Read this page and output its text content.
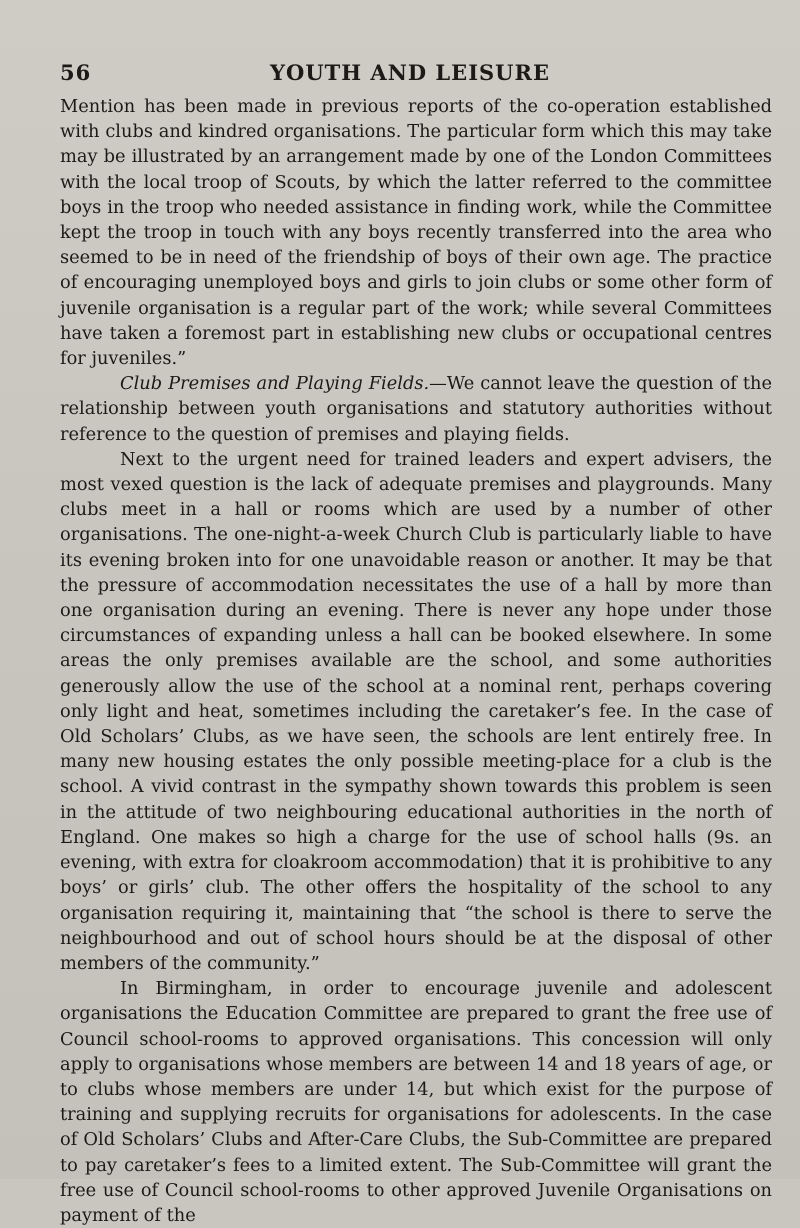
56	YOUTH AND LEISURE

Mention has been made in previous reports of the co-operation established with clubs and kindred organisations. The particular form which this may take may be illustrated by an arrangement made by one of the London Committees with the local troop of Scouts, by which the latter referred to the committee boys in the troop who needed assistance in finding work, while the Committee kept the troop in touch with any boys recently transferred into the area who seemed to be in need of the friendship of boys of their own age. The practice of encouraging unemployed boys and girls to join clubs or some other form of juvenile organisation is a regular part of the work; while several Committees have taken a foremost part in establishing new clubs or occupational centres for juveniles.”

Club Premises and Playing Fields.—We cannot leave the question of the relationship between youth organisations and statutory authorities without reference to the question of premises and playing fields.

Next to the urgent need for trained leaders and expert advisers, the most vexed question is the lack of adequate premises and playgrounds. Many clubs meet in a hall or rooms which are used by a number of other organisations. The one-night-a-week Church Club is particularly liable to have its evening broken into for one unavoidable reason or another. It may be that the pressure of accommodation necessitates the use of a hall by more than one organisation during an evening. There is never any hope under those circumstances of expanding unless a hall can be booked elsewhere. In some areas the only premises available are the school, and some authorities generously allow the use of the school at a nominal rent, perhaps covering only light and heat, sometimes including the caretaker’s fee. In the case of Old Scholars’ Clubs, as we have seen, the schools are lent entirely free. In many new housing estates the only possible meeting-place for a club is the school. A vivid contrast in the sympathy shown towards this problem is seen in the attitude of two neighbouring educational authorities in the north of England. One makes so high a charge for the use of school halls (9s. an evening, with extra for cloakroom accommodation) that it is prohibitive to any boys’ or girls’ club. The other offers the hospitality of the school to any organisation requiring it, maintaining that “the school is there to serve the neighbourhood and out of school hours should be at the disposal of other members of the community.”

In Birmingham, in order to encourage juvenile and adolescent organisations the Education Committee are prepared to grant the free use of Council school-rooms to approved organisations. This concession will only apply to organisations whose members are between 14 and 18 years of age, or to clubs whose members are under 14, but which exist for the purpose of training and supplying recruits for organisations for adolescents. In the case of Old Scholars’ Clubs and After-Care Clubs, the Sub-Committee are prepared to pay caretaker’s fees to a limited extent. The Sub-Committee will grant the free use of Council school-rooms to other approved Juvenile Organisations on payment of the
